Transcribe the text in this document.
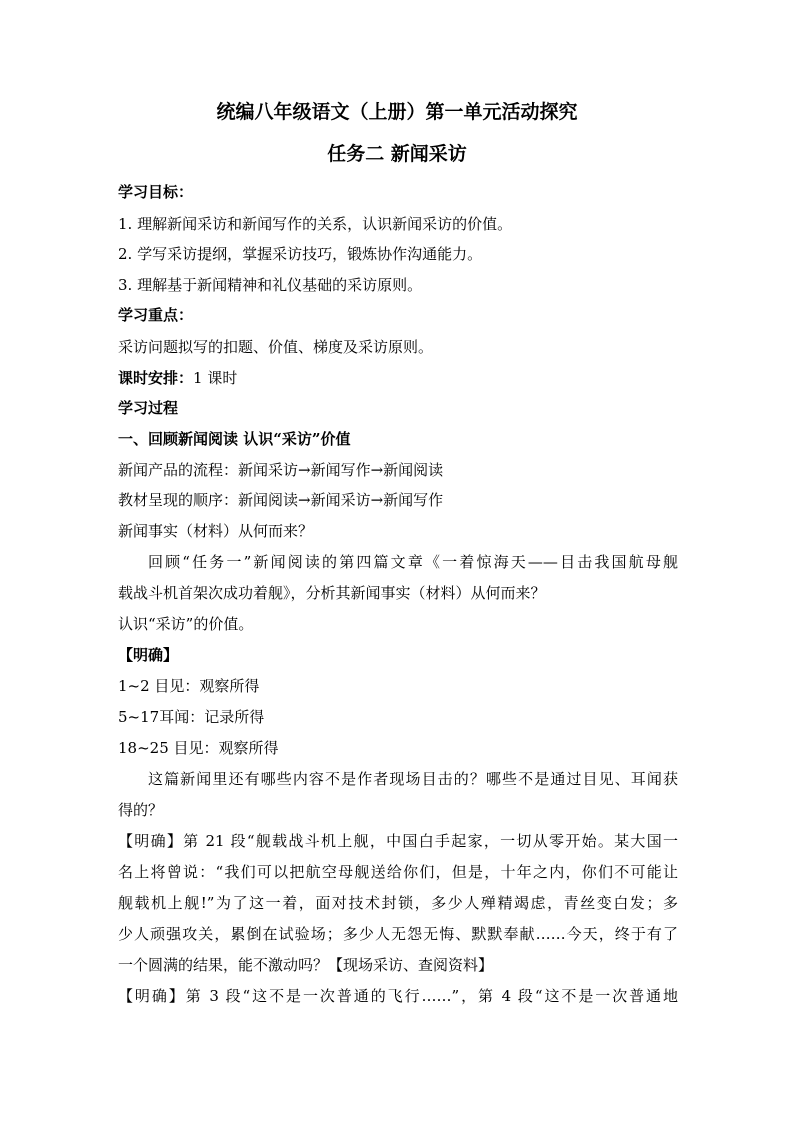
统编八年级语文（上册）第一单元活动探究
任务二 新闻采访
学习目标：
1. 理解新闻采访和新闻写作的关系，认识新闻采访的价值。
2. 学写采访提纲，掌握采访技巧，锻炼协作沟通能力。
3. 理解基于新闻精神和礼仪基础的采访原则。
学习重点：
采访问题拟写的扣题、价值、梯度及采访原则。
课时安排：1 课时
学习过程
一、回顾新闻阅读 认识“采访”价值
新闻产品的流程：新闻采访→新闻写作→新闻阅读
教材呈现的顺序：新闻阅读→新闻采访→新闻写作
新闻事实（材料）从何而来？
回顾“任务一”新闻阅读的第四篇文章《一着惊海天——目击我国航母舰
载战斗机首架次成功着舰》，分析其新闻事实（材料）从何而来？
认识“采访”的价值。
【明确】
1~2 目见：观察所得
5~17耳闻：记录所得
18~25 目见：观察所得
这篇新闻里还有哪些内容不是作者现场目击的？哪些不是通过目见、耳闻获
得的？
【明确】第 21 段“舰载战斗机上舰，中国白手起家，一切从零开始。某大国一
名上将曾说：“我们可以把航空母舰送给你们，但是，十年之内，你们不可能让
舰载机上舰!”为了这一着，面对技术封锁，多少人殚精竭虑，青丝变白发；多
少人顽强攻关，累倒在试验场；多少人无怨无悔、默默奉献……今天，终于有了
一个圆满的结果，能不激动吗？【现场采访、查阅资料】
【明确】第 3 段“这不是一次普通的飞行……”，第 4 段“这不是一次普通地
